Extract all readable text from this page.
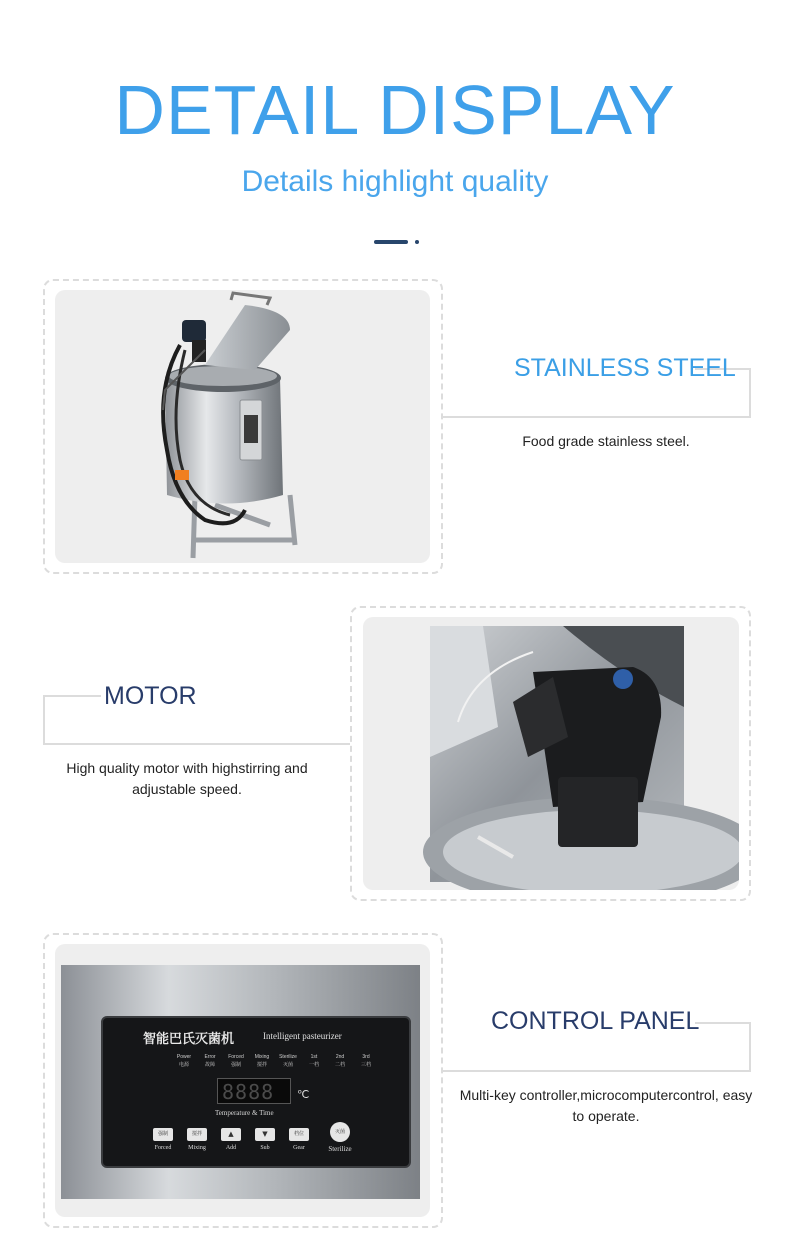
DETAIL DISPLAY
Details highlight quality
STAINLESS STEEL
Food grade stainless steel.
MOTOR
High quality motor with highstirring and adjustable speed.
智能巴氏灭菌机	Intelligent pasteurizer
Power	Error	Forced	Mixing	Sterilize	1st	2nd	3rd
电源	故障	强制	搅拌	灭菌	一档	二档	三档
8888 ℃
Temperature & Time
强制
Forced
搅拌
Mixing
▲
Add
▼
Sub
档位
Gear
灭菌
Sterilize
CONTROL PANEL
Multi-key controller,microcomputercontrol, easy to operate.
